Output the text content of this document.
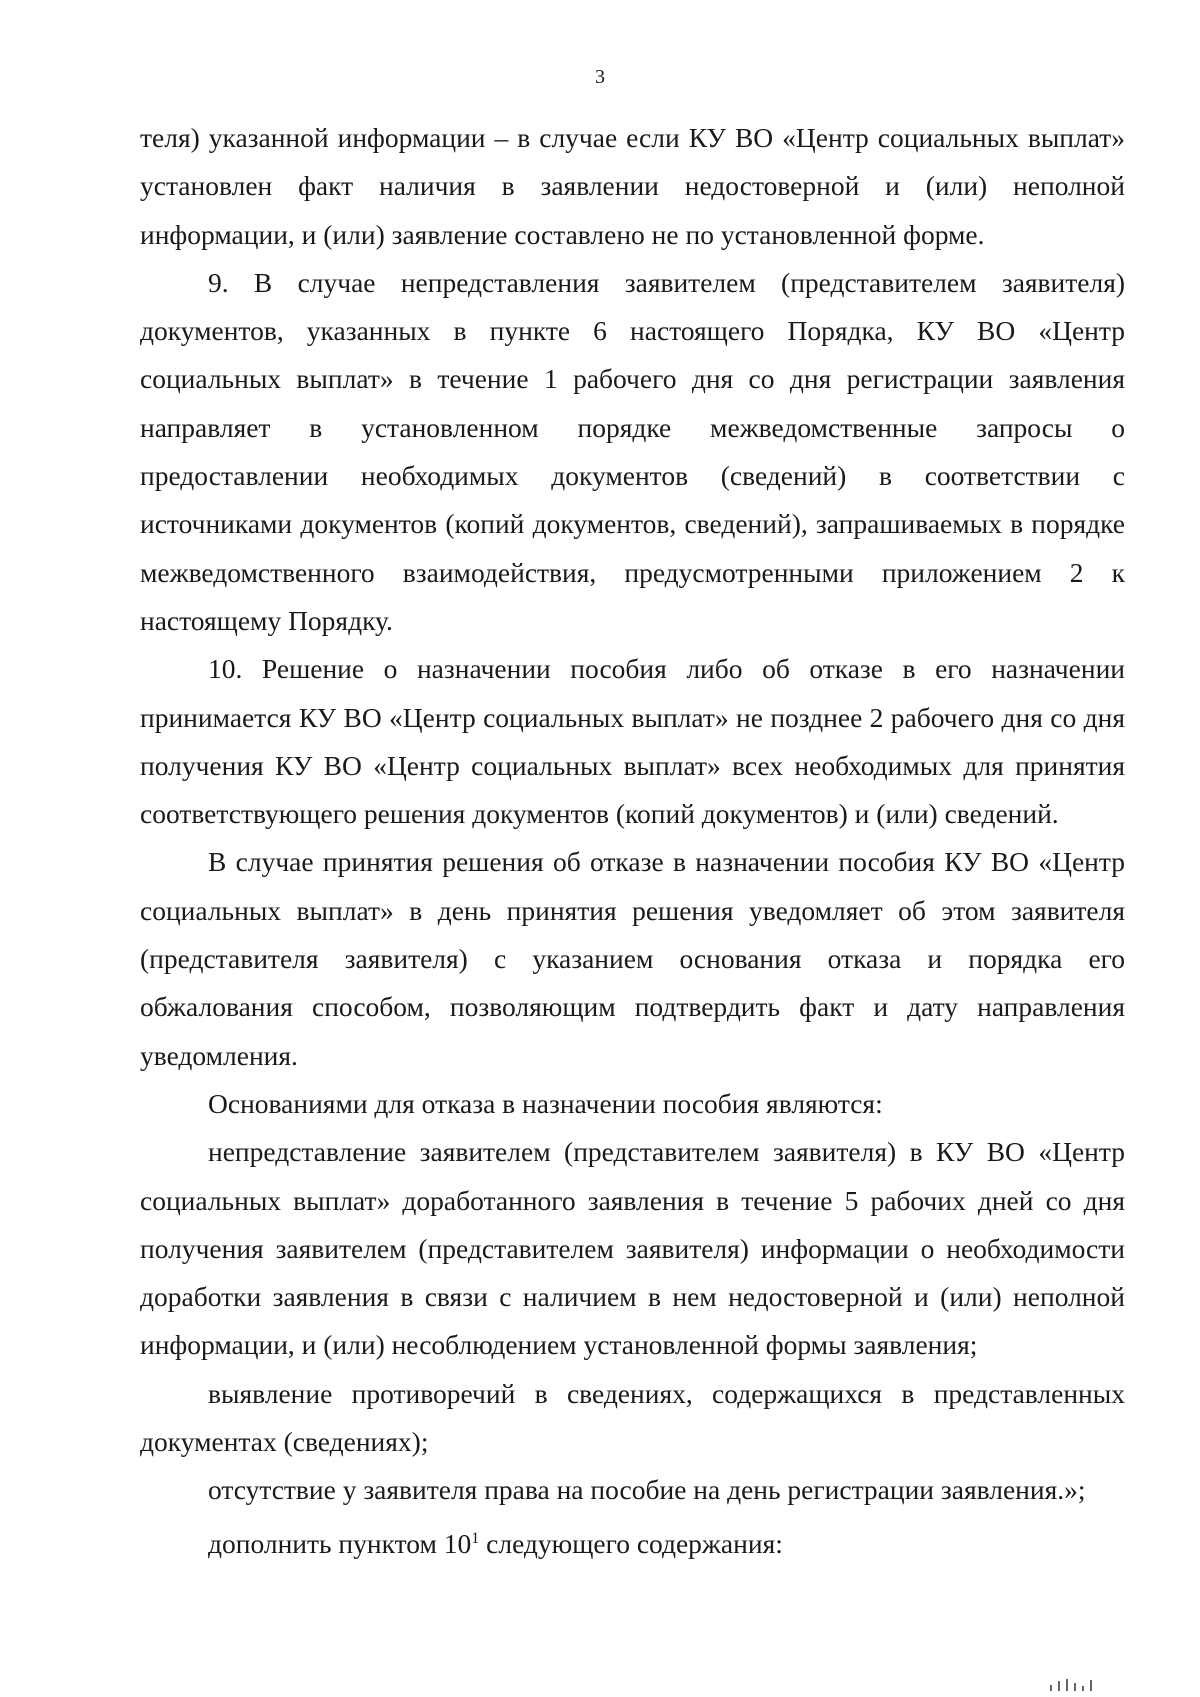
3

теля) указанной информации – в случае если КУ ВО «Центр социальных выплат» установлен факт наличия в заявлении недостоверной и (или) неполной информации, и (или) заявление составлено не по установленной форме.

9. В случае непредставления заявителем (представителем заявителя) документов, указанных в пункте 6 настоящего Порядка, КУ ВО «Центр социальных выплат» в течение 1 рабочего дня со дня регистрации заявления направляет в установленном порядке межведомственные запросы о предоставлении необходимых документов (сведений) в соответствии с источниками документов (копий документов, сведений), запрашиваемых в порядке межведомственного взаимодействия, предусмотренными приложением 2 к настоящему Порядку.

10. Решение о назначении пособия либо об отказе в его назначении принимается КУ ВО «Центр социальных выплат» не позднее 2 рабочего дня со дня получения КУ ВО «Центр социальных выплат» всех необходимых для принятия соответствующего решения документов (копий документов) и (или) сведений.

В случае принятия решения об отказе в назначении пособия КУ ВО «Центр социальных выплат» в день принятия решения уведомляет об этом заявителя (представителя заявителя) с указанием основания отказа и порядка его обжалования способом, позволяющим подтвердить факт и дату направления уведомления.

Основаниями для отказа в назначении пособия являются:

непредставление заявителем (представителем заявителя) в КУ ВО «Центр социальных выплат» доработанного заявления в течение 5 рабочих дней со дня получения заявителем (представителем заявителя) информации о необходимости доработки заявления в связи с наличием в нем недостоверной и (или) неполной информации, и (или) несоблюдением установленной формы заявления;

выявление противоречий в сведениях, содержащихся в представленных документах (сведениях);

отсутствие у заявителя права на пособие на день регистрации заявления.»;

дополнить пунктом $10^1$ следующего содержания:
